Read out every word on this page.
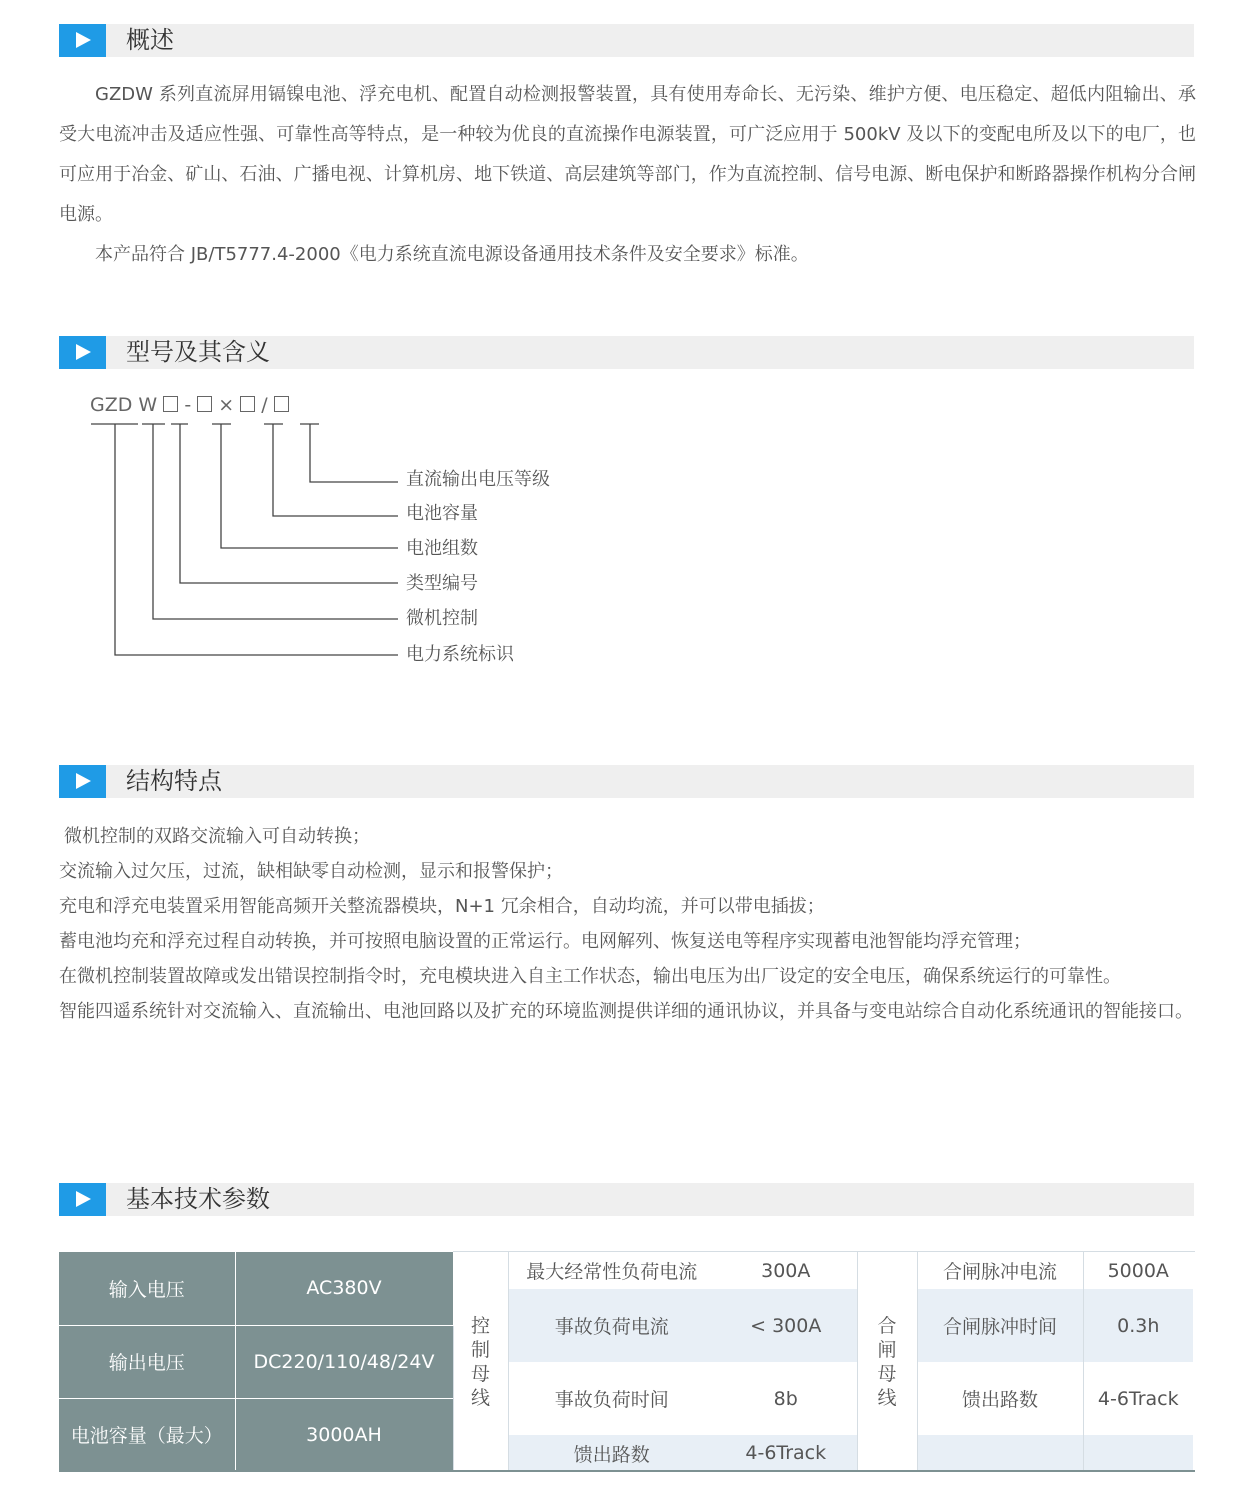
概述

GZDW 系列直流屏用镉镍电池、浮充电机、配置自动检测报警装置，具有使用寿命长、无污染、维护方便、电压稳定、超低内阻输出、承受大电流冲击及适应性强、可靠性高等特点，是一种较为优良的直流操作电源装置，可广泛应用于 500kV 及以下的变配电所及以下的电厂，也可应用于冶金、矿山、石油、广播电视、计算机房、地下铁道、高层建筑等部门，作为直流控制、信号电源、断电保护和断路器操作机构分合闸电源。

本产品符合 JB/T5777.4-2000《电力系统直流电源设备通用技术条件及安全要求》标准。

型号及其含义
GZD W - × /
直流输出电压等级
电池容量
电池组数
类型编号
微机控制
电力系统标识
结构特点
微机控制的双路交流输入可自动转换；
交流输入过欠压，过流，缺相缺零自动检测，显示和报警保护；
充电和浮充电装置采用智能高频开关整流器模块，N+1 冗余相合，自动均流，并可以带电插拔；
蓄电池均充和浮充过程自动转换，并可按照电脑设置的正常运行。电网解列、恢复送电等程序实现蓄电池智能均浮充管理；
在微机控制装置故障或发出错误控制指令时，充电模块进入自主工作状态，输出电压为出厂设定的安全电压，确保系统运行的可靠性。
智能四遥系统针对交流输入、直流输出、电池回路以及扩充的环境监测提供详细的通讯协议，并具备与变电站综合自动化系统通讯的智能接口。
基本技术参数
输入电压	AC380V	控制母线	最大经常性负荷电流	300A	合闸母线	合闸脉冲电流	5000A
			事故负荷电流	< 300A		合闸脉冲时间	0.3h
输出电压	DC220/110/48/24V						
			事故负荷时间	8b		馈出路数	4-6Track
电池容量（最大）	3000AH						
			馈出路数	4-6Track			
